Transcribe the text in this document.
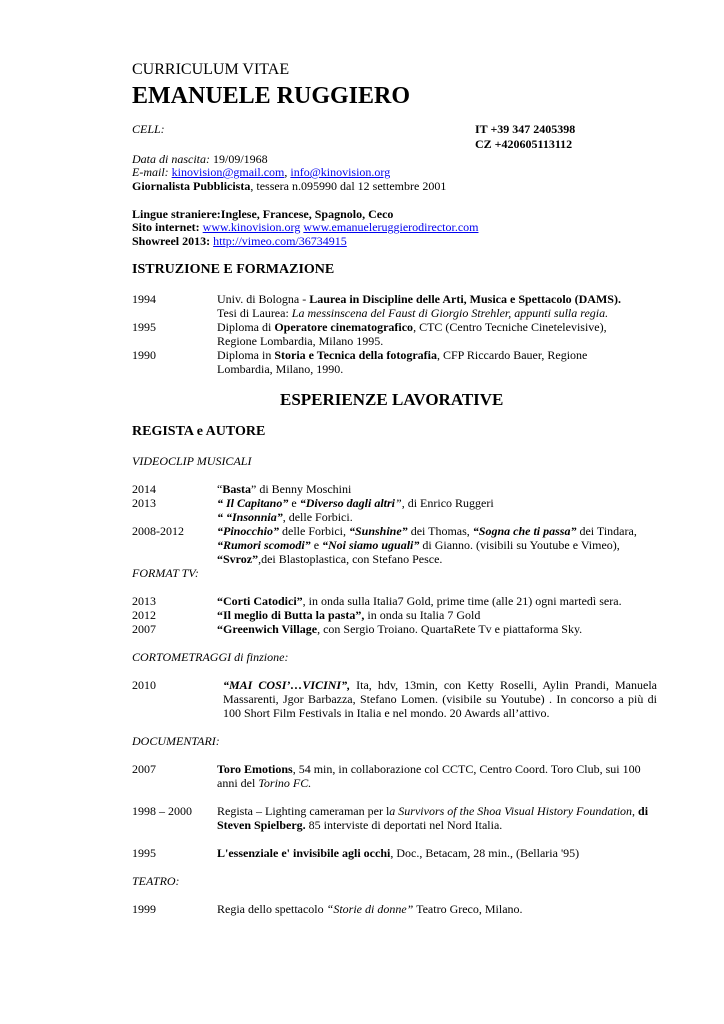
CURRICULUM VITAE
EMANUELE RUGGIERO
CELL:	IT +39 347 2405398
CZ +420605113112
Data di nascita: 19/09/1968
E-mail: kinovision@gmail.com, info@kinovision.org
Giornalista Pubblicista, tessera n.095990 dal 12 settembre 2001
Lingue straniere:Inglese, Francese, Spagnolo, Ceco
Sito internet: www.kinovision.org www.emanueleruggierodirector.com
Showreel 2013: http://vimeo.com/36734915
ISTRUZIONE E FORMAZIONE
1994	Univ. di Bologna - Laurea in Discipline delle Arti, Musica e Spettacolo (DAMS).
Tesi di Laurea: La messinscena del Faust di Giorgio Strehler, appunti sulla regia.
1995	Diploma di Operatore cinematografico, CTC (Centro Tecniche Cinetelevisive),
Regione Lombardia, Milano 1995.
1990	Diploma in Storia e Tecnica della fotografia, CFP Riccardo Bauer, Regione
Lombardia, Milano, 1990.
ESPERIENZE LAVORATIVE
REGISTA e AUTORE
VIDEOCLIP MUSICALI
2014	“Basta” di Benny Moschini
2013	“ Il Capitano” e “Diverso dagli altri”, di Enrico Ruggeri
“ “Insonnia”, delle Forbici.
2008-2012	“Pinocchio” delle Forbici, “Sunshine” dei Thomas, “Sogna che ti passa” dei Tindara,
“Rumori scomodi” e “Noi siamo uguali” di Gianno. (visibili su Youtube e Vimeo),
“Svroz”,dei Blastoplastica, con Stefano Pesce.
FORMAT TV:
2013	“Corti Catodici”, in onda sulla Italia7 Gold, prime time (alle 21) ogni martedì sera.
2012	“Il meglio di Butta la pasta”, in onda su Italia 7 Gold
2007	“Greenwich Village, con Sergio Troiano. QuartaRete Tv e piattaforma Sky.
CORTOMETRAGGI di finzione:
2010	“MAI COSI’…VICINI”, Ita, hdv, 13min, con Ketty Roselli, Aylin Prandi, Manuela Massarenti, Jgor Barbazza, Stefano Lomen. (visibile su Youtube) . In concorso a più di 100 Short Film Festivals in Italia e nel mondo. 20 Awards all’attivo.
DOCUMENTARI:
2007	Toro Emotions, 54 min, in collaborazione col CCTC, Centro Coord. Toro Club, sui 100 anni del Torino FC.
1998 – 2000 Regista – Lighting cameraman per la Survivors of the Shoa Visual History Foundation, di Steven Spielberg. 85 interviste di deportati nel Nord Italia.
1995	L'essenziale e' invisibile agli occhi, Doc., Betacam, 28 min., (Bellaria '95)
TEATRO:
1999	Regia dello spettacolo “Storie di donne” Teatro Greco, Milano.
